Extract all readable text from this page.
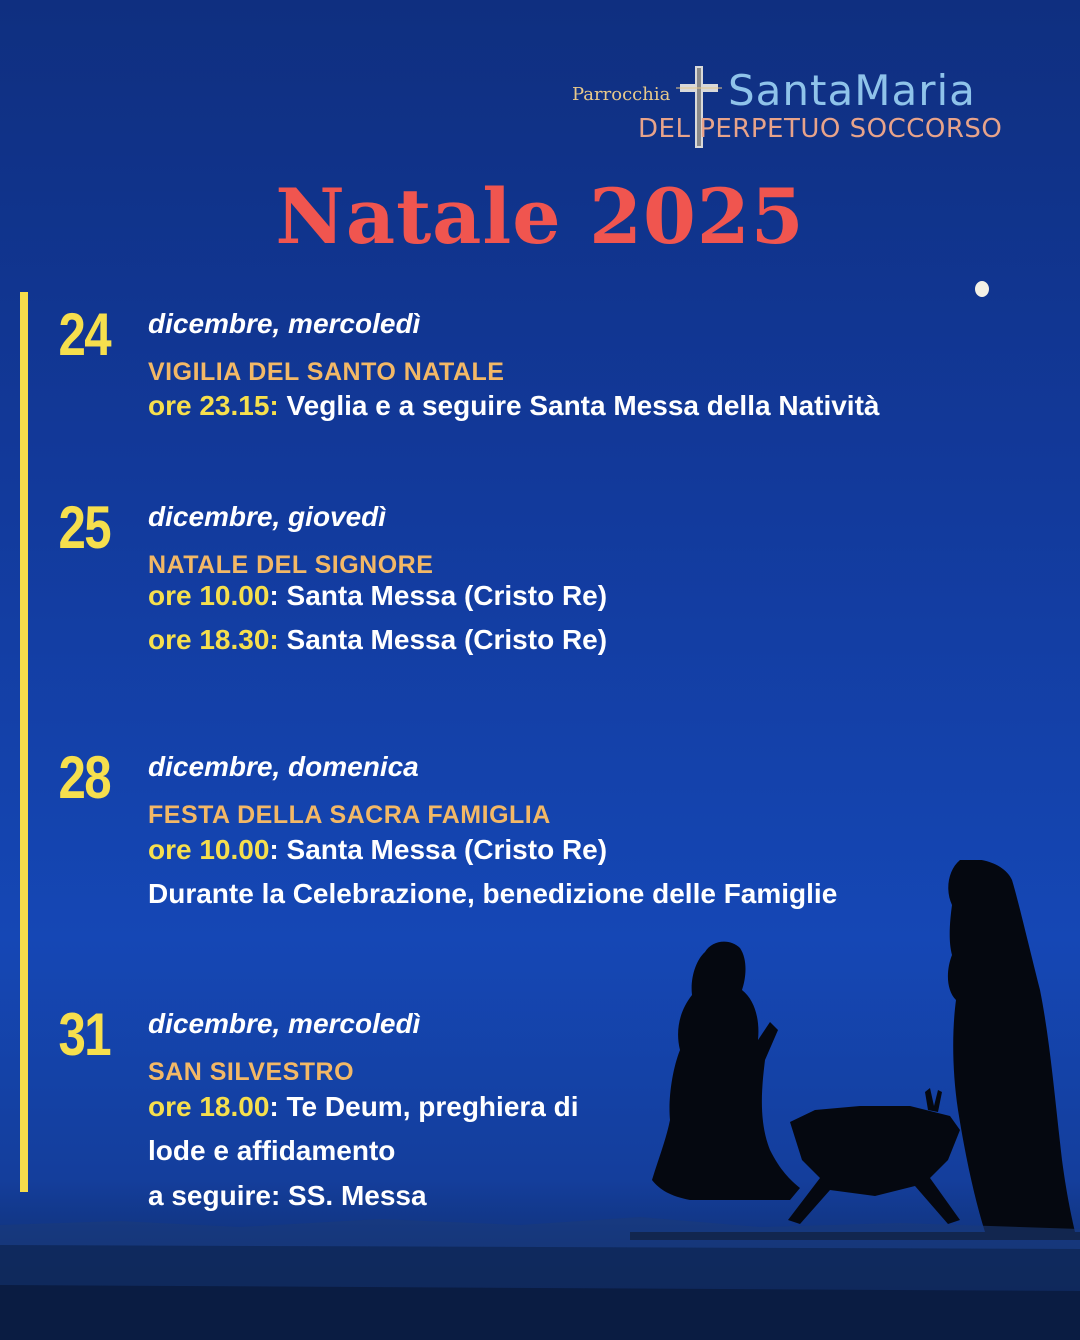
Parrocchia SantaMaria
DEL PERPETUO SOCCORSO
Natale 2025
24 dicembre, mercoledì
VIGILIA DEL SANTO NATALE
ore 23.15: Veglia e a seguire Santa Messa della Natività
25 dicembre, giovedì
NATALE DEL SIGNORE
ore 10.00: Santa Messa (Cristo Re)
ore 18.30: Santa Messa (Cristo Re)
28 dicembre, domenica
FESTA DELLA SACRA FAMIGLIA
ore 10.00: Santa Messa (Cristo Re)
Durante la Celebrazione, benedizione delle Famiglie
31 dicembre, mercoledì
SAN SILVESTRO
ore 18.00: Te Deum, preghiera di
lode e affidamento
a seguire: SS. Messa
